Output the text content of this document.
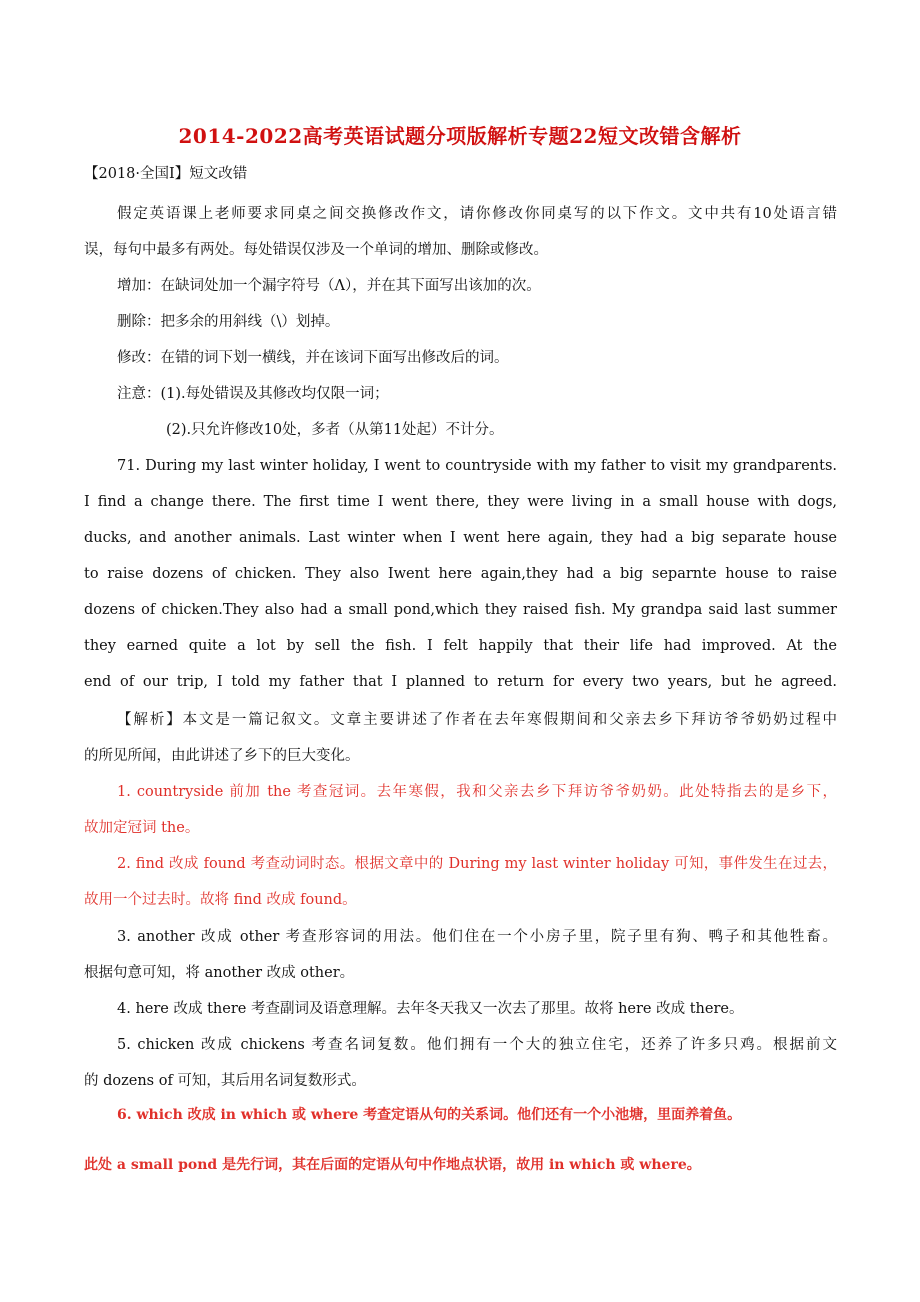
2014-2022高考英语试题分项版解析专题22短文改错含解析
【2018·全国I】短文改错
假定英语课上老师要求同桌之间交换修改作文，请你修改你同桌写的以下作文。文中共有10处语言错
误，每句中最多有两处。每处错误仅涉及一个单词的增加、删除或修改。
增加：在缺词处加一个漏字符号（Λ），并在其下面写出该加的次。
删除：把多余的用斜线（\）划掉。
修改：在错的词下划一横线，并在该词下面写出修改后的词。
注意：(1).每处错误及其修改均仅限一词；
(2).只允许修改10处，多者（从第11处起）不计分。
71. During my last winter holiday, I went to countryside with my father to visit my grandparents.
I find a change there. The first time I went there, they were living in a small house with dogs,
ducks, and another animals. Last winter when I went here again, they had a big separate house
to raise dozens of chicken. They also Iwent here again,they had a big separnte house to raise
dozens of chicken.They also had a small pond,which they raised fish. My grandpa said last summer
they earned quite a lot by sell the fish. I felt happily that their life had improved. At the
end of our trip, I told my father that I planned to return for every two years, but he agreed.
【解析】本文是一篇记叙文。文章主要讲述了作者在去年寒假期间和父亲去乡下拜访爷爷奶奶过程中
的所见所闻，由此讲述了乡下的巨大变化。
1. countryside 前加 the 考查冠词。去年寒假，我和父亲去乡下拜访爷爷奶奶。此处特指去的是乡下，
故加定冠词 the。
2. find 改成 found 考查动词时态。根据文章中的 During my last winter holiday 可知，事件发生在过去，
故用一个过去时。故将 find 改成 found。
3. another 改成 other 考查形容词的用法。他们住在一个小房子里，院子里有狗、鸭子和其他牲畜。
根据句意可知，将 another 改成 other。
4. here 改成 there 考查副词及语意理解。去年冬天我又一次去了那里。故将 here 改成 there。
5. chicken 改成 chickens 考查名词复数。他们拥有一个大的独立住宅，还养了许多只鸡。根据前文
的 dozens of 可知，其后用名词复数形式。
6. which 改成 in which 或 where 考查定语从句的关系词。他们还有一个小池塘，里面养着鱼。
此处 a small pond 是先行词，其在后面的定语从句中作地点状语，故用 in which 或 where。
